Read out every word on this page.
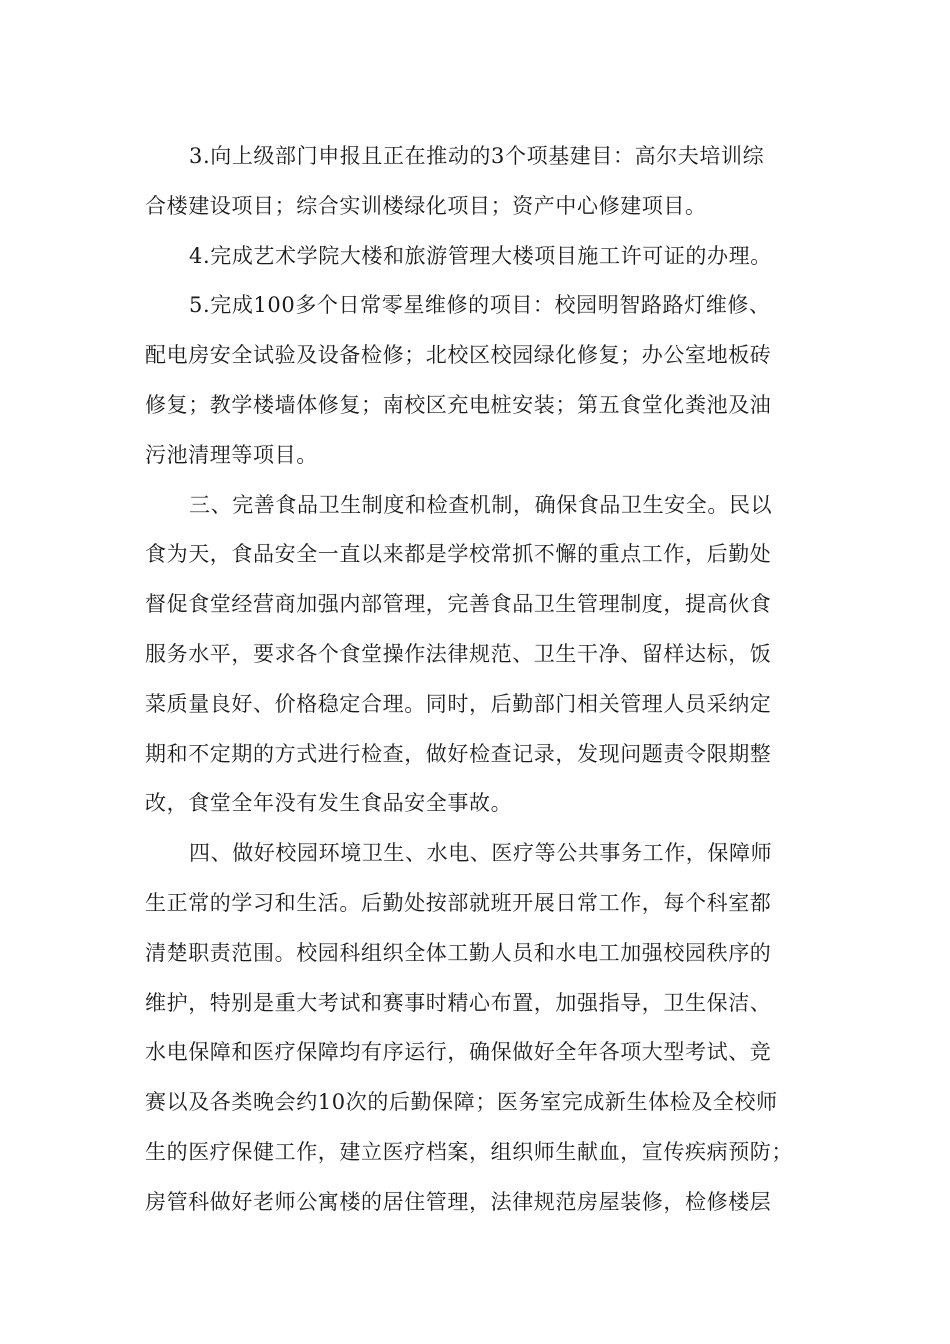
3.向上级部门申报且正在推动的3个项基建目：高尔夫培训综
合楼建设项目；综合实训楼绿化项目；资产中心修建项目。
4.完成艺术学院大楼和旅游管理大楼项目施工许可证的办理。
5.完成100多个日常零星维修的项目：校园明智路路灯维修、
配电房安全试验及设备检修；北校区校园绿化修复；办公室地板砖
修复；教学楼墙体修复；南校区充电桩安装；第五食堂化粪池及油
污池清理等项目。
三、完善食品卫生制度和检查机制，确保食品卫生安全。民以
食为天，食品安全一直以来都是学校常抓不懈的重点工作，后勤处
督促食堂经营商加强内部管理，完善食品卫生管理制度，提高伙食
服务水平，要求各个食堂操作法律规范、卫生干净、留样达标，饭
菜质量良好、价格稳定合理。同时，后勤部门相关管理人员采纳定
期和不定期的方式进行检查，做好检查记录，发现问题责令限期整
改，食堂全年没有发生食品安全事故。
四、做好校园环境卫生、水电、医疗等公共事务工作，保障师
生正常的学习和生活。后勤处按部就班开展日常工作，每个科室都
清楚职责范围。校园科组织全体工勤人员和水电工加强校园秩序的
维护，特别是重大考试和赛事时精心布置，加强指导，卫生保洁、
水电保障和医疗保障均有序运行，确保做好全年各项大型考试、竞
赛以及各类晚会约10次的后勤保障；医务室完成新生体检及全校师
生的医疗保健工作，建立医疗档案，组织师生献血，宣传疾病预防；
房管科做好老师公寓楼的居住管理，法律规范房屋装修，检修楼层
